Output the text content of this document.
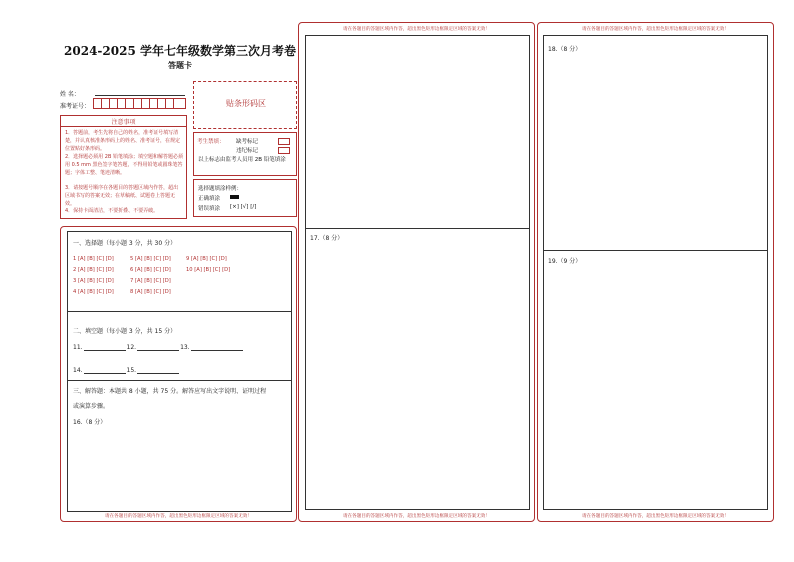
2024-2025 学年七年级数学第三次月考卷
答题卡
姓 名：
准考证号：	贴条形码区
注意事项
1．答题前，考生先将自己的姓名，准考证号填写清楚，并认真核准条形码上的姓名、准考证号，在规定位置贴好条形码。
2．选择题必须用 2B 铅笔填涂；填空题和解答题必须用 0.5 mm 黑色签字笔答题，不得用铅笔或圆珠笔答题；字体工整、笔迹清晰。
3．请按题号顺序在各题目的答题区域内作答，超出区域书写的答案无效；在草稿纸、试题卷上答题无效。
4．保持卡面清洁，不要折叠、不要弄破。
考生禁填： 缺考标记
违纪标记
以上标志由监考人员用 2B 铅笔填涂
选择题填涂样例：
正确填涂
错误填涂 [×] [√] [/]
一、选择题（每小题 3 分，共 30 分）
1 [A] [B] [C] [D]	5 [A] [B] [C] [D]	9 [A] [B] [C] [D]
2 [A] [B] [C] [D]	6 [A] [B] [C] [D]	10 [A] [B] [C] [D]
3 [A] [B] [C] [D]	7 [A] [B] [C] [D]
4 [A] [B] [C] [D]	8 [A] [B] [C] [D]
二、填空题（每小题 3 分，共 15 分）
11.	12.	13.
14.	15.
三、解答题：本题共 8 小题，共 75 分。解答应写出文字说明、证明过程
或演算步骤。
16.（8 分）
请在各题目的答题区域内作答，超出黑色矩形边框限定区域的答案无效！
请在各题目的答题区域内作答，超出黑色矩形边框限定区域的答案无效！
17.（8 分）
请在各题目的答题区域内作答，超出黑色矩形边框限定区域的答案无效！
请在各题目的答题区域内作答，超出黑色矩形边框限定区域的答案无效！
18.（8 分）
19.（9 分）
请在各题目的答题区域内作答，超出黑色矩形边框限定区域的答案无效！
